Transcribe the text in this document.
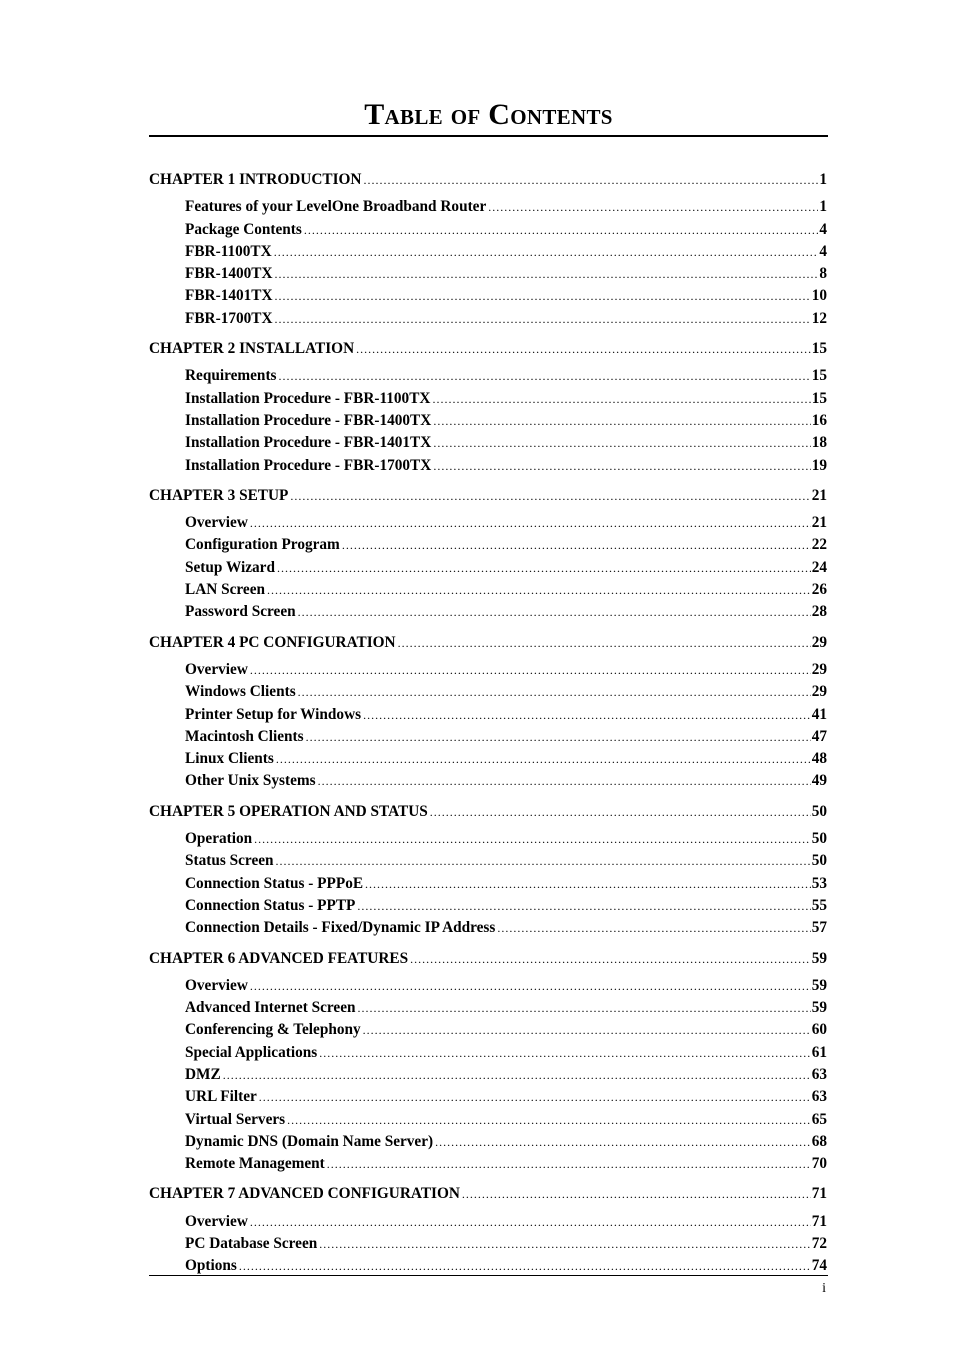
Table of Contents
CHAPTER 1 INTRODUCTION .....	1
Features of your LevelOne Broadband Router .....	1
Package Contents .....	4
FBR-1100TX .....	4
FBR-1400TX .....	8
FBR-1401TX .....	10
FBR-1700TX .....	12
CHAPTER 2 INSTALLATION .....	15
Requirements .....	15
Installation Procedure - FBR-1100TX .....	15
Installation Procedure - FBR-1400TX .....	16
Installation Procedure - FBR-1401TX .....	18
Installation Procedure - FBR-1700TX .....	19
CHAPTER 3 SETUP .....	21
Overview .....	21
Configuration Program .....	22
Setup Wizard .....	24
LAN Screen .....	26
Password Screen .....	28
CHAPTER 4 PC CONFIGURATION .....	29
Overview .....	29
Windows Clients .....	29
Printer Setup for Windows .....	41
Macintosh Clients .....	47
Linux Clients .....	48
Other Unix Systems .....	49
CHAPTER 5 OPERATION AND STATUS .....	50
Operation .....	50
Status Screen .....	50
Connection Status - PPPoE .....	53
Connection Status - PPTP .....	55
Connection Details - Fixed/Dynamic IP Address .....	57
CHAPTER 6 ADVANCED FEATURES .....	59
Overview .....	59
Advanced Internet Screen .....	59
Conferencing & Telephony .....	60
Special Applications .....	61
DMZ .....	63
URL Filter .....	63
Virtual Servers .....	65
Dynamic DNS (Domain Name Server) .....	68
Remote Management .....	70
CHAPTER 7 ADVANCED CONFIGURATION .....	71
Overview .....	71
PC Database Screen .....	72
Options .....	74
i
